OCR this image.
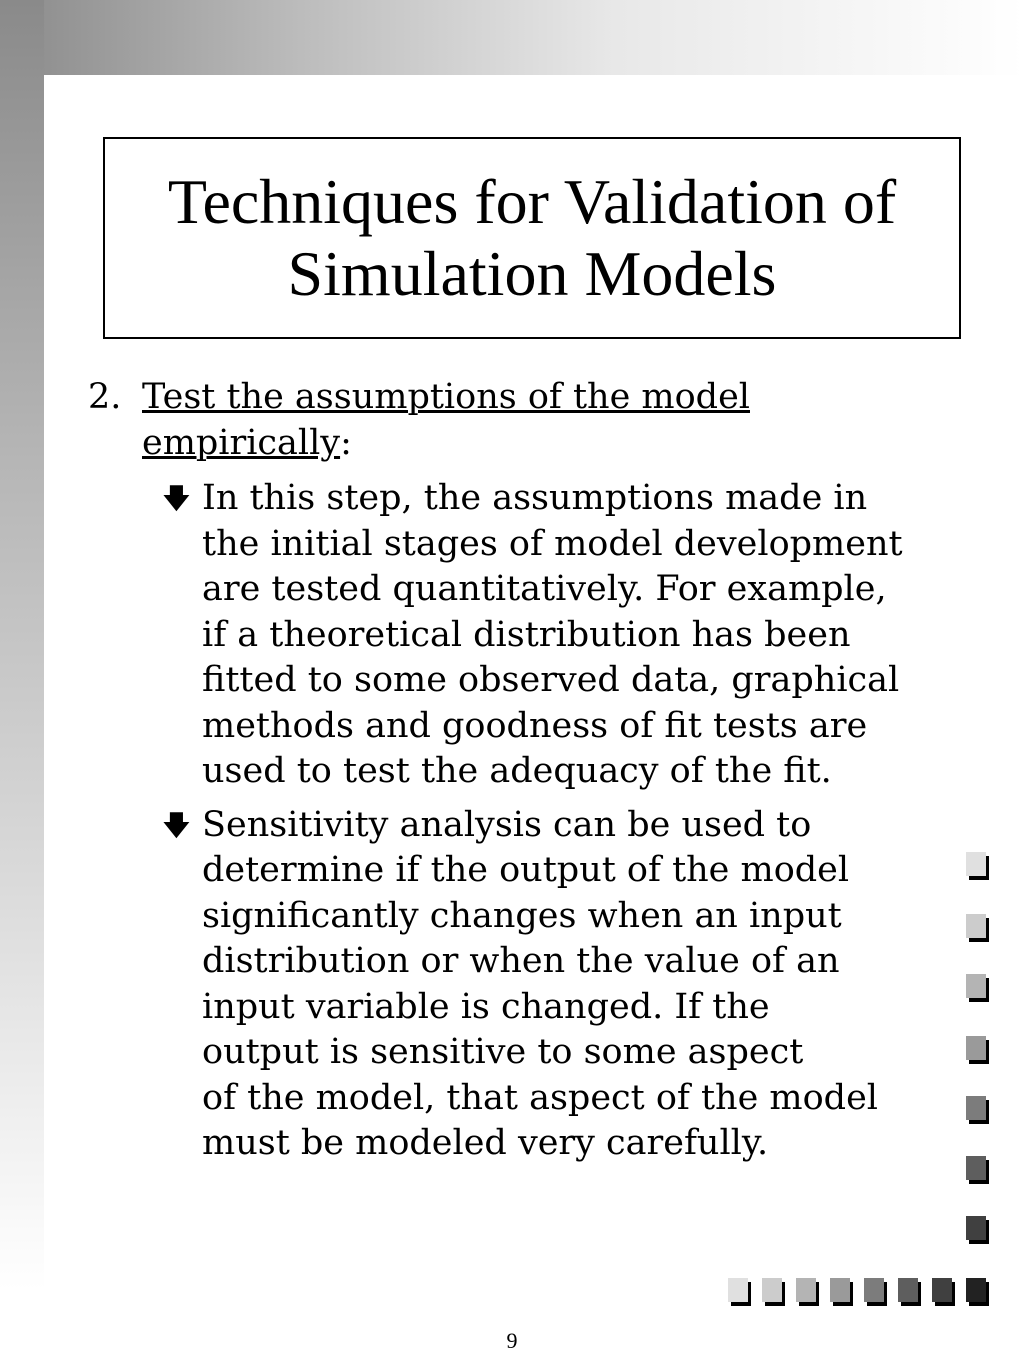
Techniques for Validation of
Simulation Models
2. Test the assumptions of the model
empirically:
🡇 In this step, the assumptions made in
the initial stages of model development
are tested quantitatively. For example,
if a theoretical distribution has been
fitted to some observed data, graphical
methods and goodness of fit tests are
used to test the adequacy of the fit.
🡇 Sensitivity analysis can be used to
determine if the output of the model
significantly changes when an input
distribution or when the value of an
input variable is changed. If the
output is sensitive to some aspect
of the model, that aspect of the model
must be modeled very carefully.
9
